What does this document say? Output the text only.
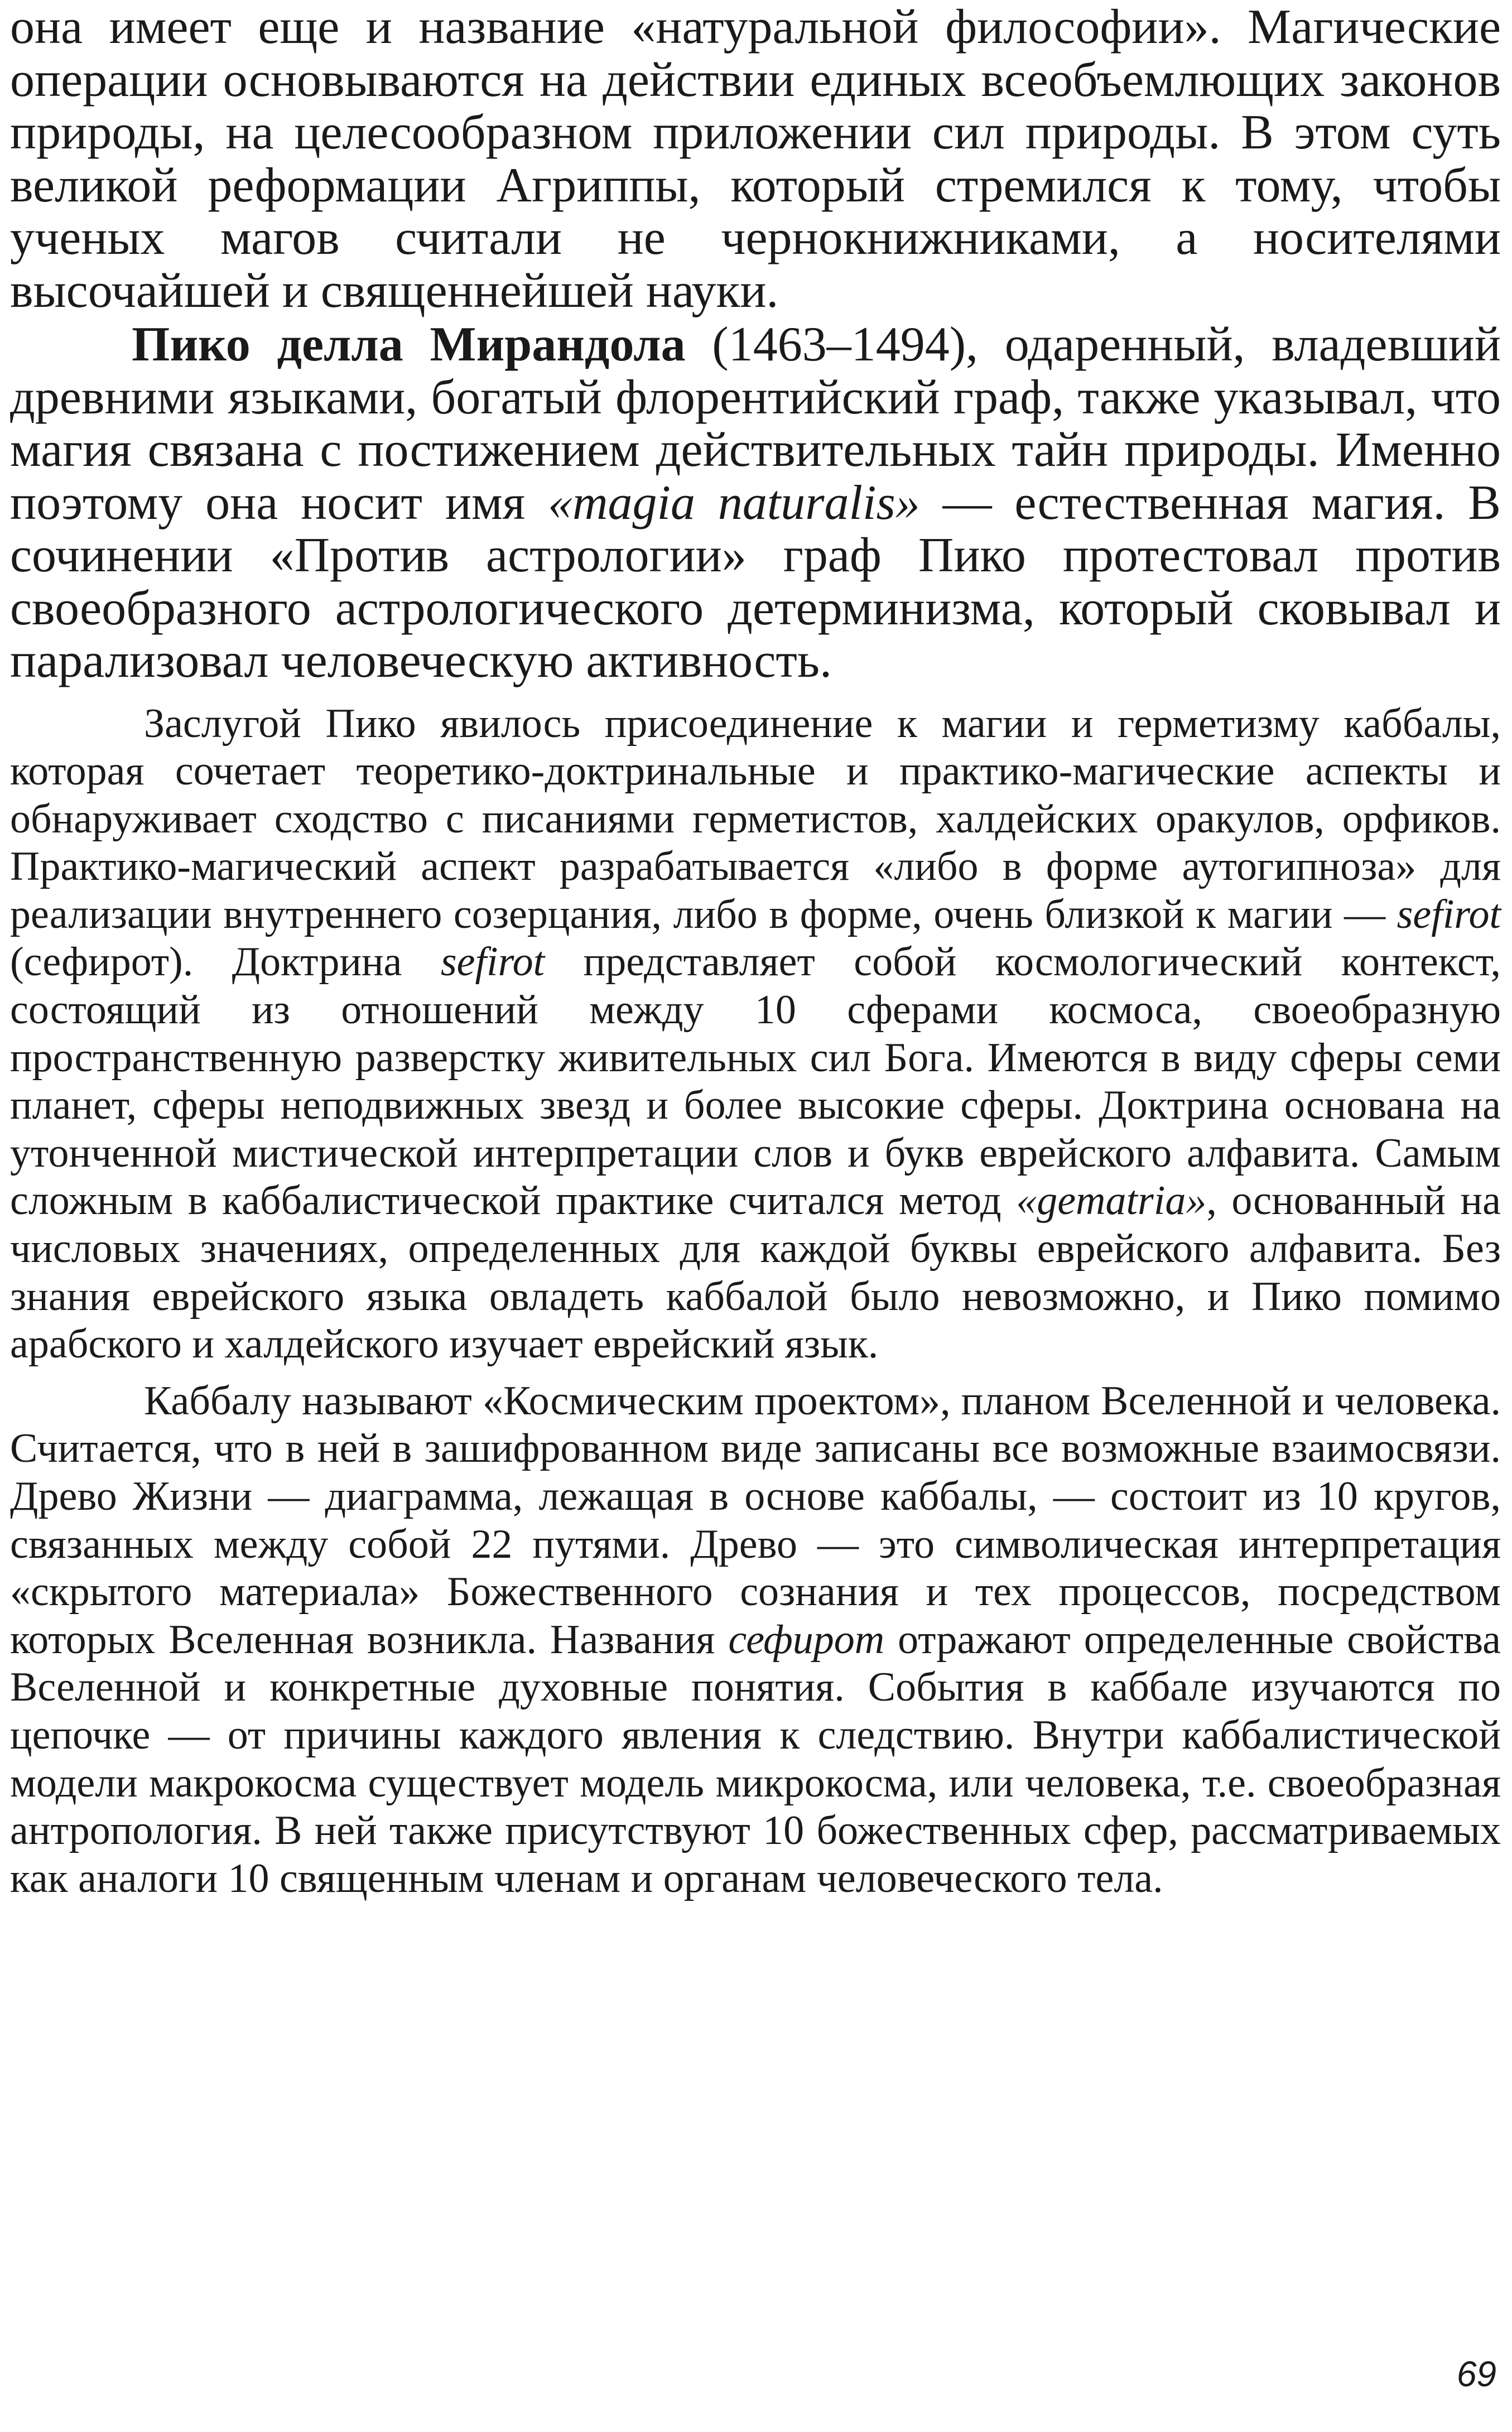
она имеет еще и название «натуральной философии». Магические операции основываются на действии единых всеобъемлющих законов природы, на целесообразном приложении сил природы. В этом суть великой реформации Агриппы, который стремился к тому, чтобы ученых магов считали не чернокнижниками, а носителями высочайшей и священнейшей науки.

Пико делла Мирандола (1463–1494), одаренный, владевший древними языками, богатый флорентийский граф, также указывал, что магия связана с постижением действительных тайн природы. Именно поэтому она носит имя «magia naturalis» — естественная магия. В сочинении «Против астрологии» граф Пико протестовал против своеобразного астрологического детерминизма, который сковывал и парализовал человеческую активность.

Заслугой Пико явилось присоединение к магии и герметизму каббалы, которая сочетает теоретико-доктринальные и практико-магические аспекты и обнаруживает сходство с писаниями герметистов, халдейских оракулов, орфиков. Практико-магический аспект разрабатывается «либо в форме аутогипноза» для реализации внутреннего созерцания, либо в форме, очень близкой к магии — sefirot (сефирот). Доктрина sefirot представляет собой космологический контекст, состоящий из отношений между 10 сферами космоса, своеобразную пространственную разверстку живительных сил Бога. Имеются в виду сферы семи планет, сферы неподвижных звезд и более высокие сферы. Доктрина основана на утонченной мистической интерпретации слов и букв еврейского алфавита. Самым сложным в каббалистической практике считался метод «gematria», основанный на числовых значениях, определенных для каждой буквы еврейского алфавита. Без знания еврейского языка овладеть каббалой было невозможно, и Пико помимо арабского и халдейского изучает еврейский язык.

Каббалу называют «Космическим проектом», планом Вселенной и человека. Считается, что в ней в зашифрованном виде записаны все возможные взаимосвязи. Древо Жизни — диаграмма, лежащая в основе каббалы, — состоит из 10 кругов, связанных между собой 22 путями. Древо — это символическая интерпретация «скрытого материала» Божественного сознания и тех процессов, посредством которых Вселенная возникла. Названия сефирот отражают определенные свойства Вселенной и конкретные духовные понятия. События в каббале изучаются по цепочке — от причины каждого явления к следствию. Внутри каббалистической модели макрокосма существует модель микрокосма, или человека, т.е. своеобразная антропология. В ней также присутствуют 10 божественных сфер, рассматриваемых как аналоги 10 священным членам и органам человеческого тела.

69
